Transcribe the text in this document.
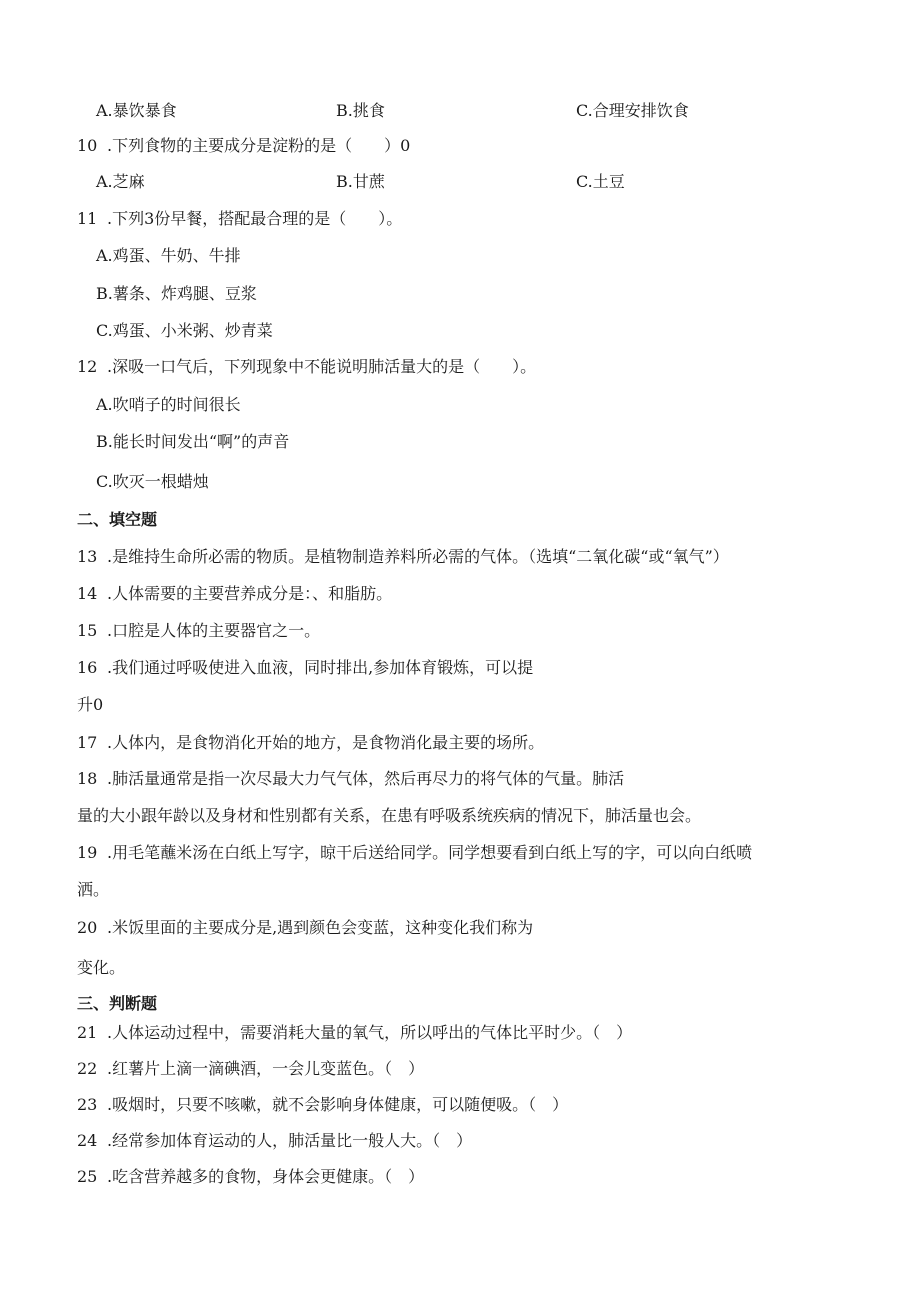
A.暴饮暴食	B.挑食	C.合理安排饮食
10 .下列食物的主要成分是淀粉的是（　　）0
A.芝麻	B.甘蔗	C.土豆
11 .下列3份早餐，搭配最合理的是（　　）。
A.鸡蛋、牛奶、牛排
B.薯条、炸鸡腿、豆浆
C.鸡蛋、小米粥、炒青菜
12 .深吸一口气后，下列现象中不能说明肺活量大的是（　　）。
A.吹哨子的时间很长
B.能长时间发出“啊”的声音
C.吹灭一根蜡烛
二、填空题
13 .是维持生命所必需的物质。是植物制造养料所必需的气体。（选填“二氧化碳“或“氧气”）
14 .人体需要的主要营养成分是：、和脂肪。
15 .口腔是人体的主要器官之一。
16 .我们通过呼吸使进入血液，同时排出,参加体育锻炼，可以提
升0
17 .人体内，是食物消化开始的地方，是食物消化最主要的场所。
18 .肺活量通常是指一次尽最大力气气体，然后再尽力的将气体的气量。肺活
量的大小跟年龄以及身材和性别都有关系，在患有呼吸系统疾病的情况下，肺活量也会。
19 .用毛笔蘸米汤在白纸上写字，晾干后送给同学。同学想要看到白纸上写的字，可以向白纸喷
洒。
20 .米饭里面的主要成分是,遇到颜色会变蓝，这种变化我们称为
变化。
三、判断题
21 .人体运动过程中，需要消耗大量的氧气，所以呼出的气体比平时少。（　）
22 .红薯片上滴一滴碘酒，一会儿变蓝色。（　）
23 .吸烟时，只要不咳嗽，就不会影响身体健康，可以随便吸。（　）
24 .经常参加体育运动的人，肺活量比一般人大。（　）
25 .吃含营养越多的食物，身体会更健康。（　）
